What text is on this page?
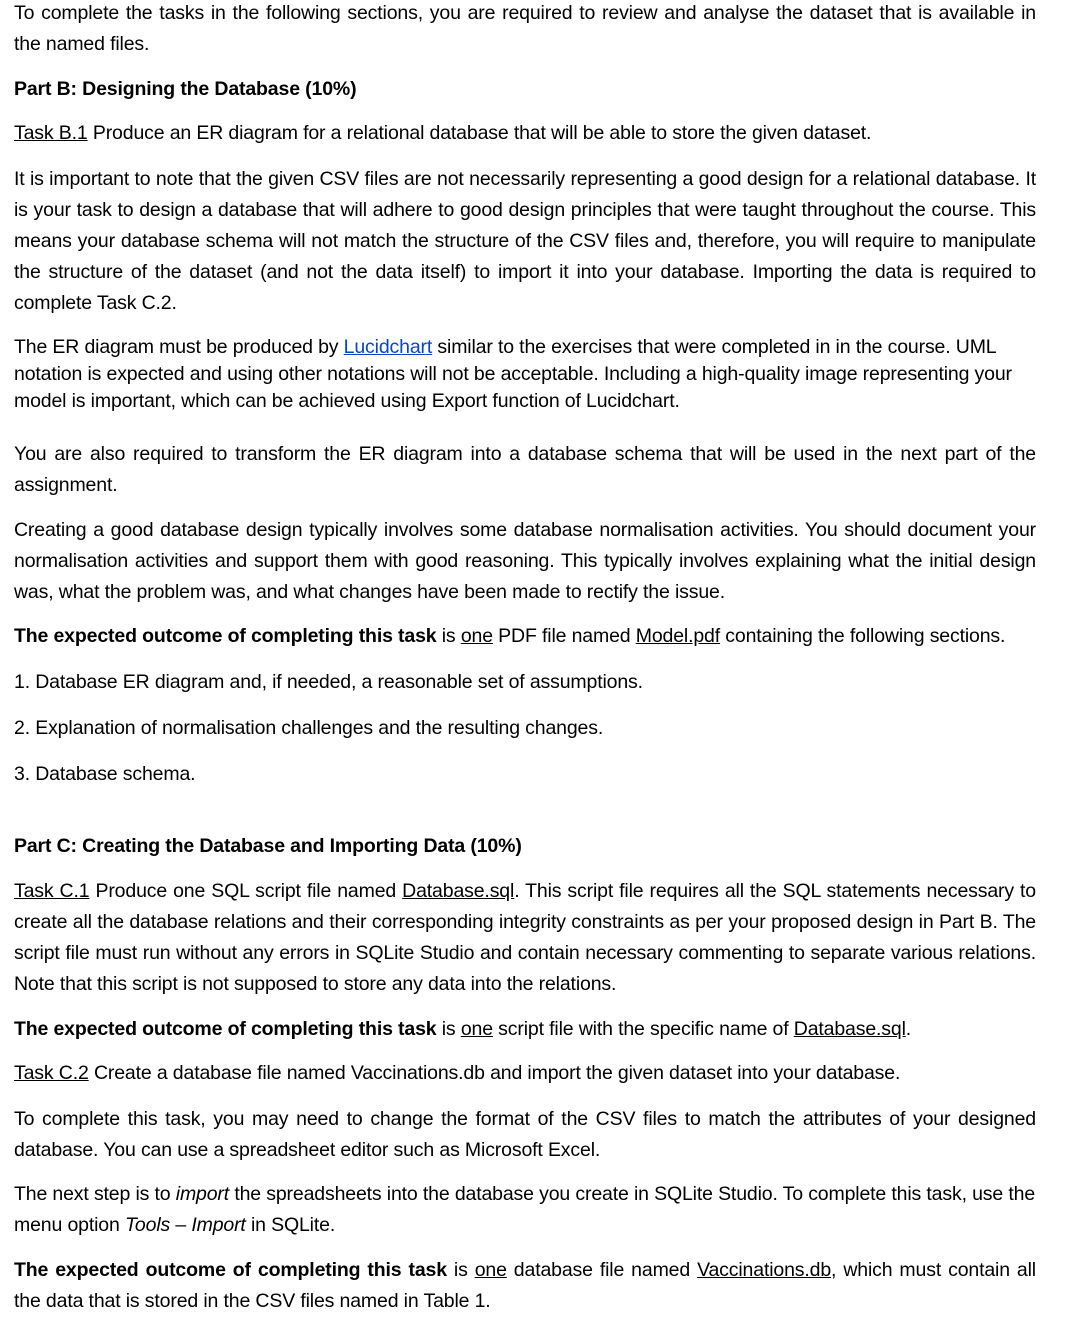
To complete the tasks in the following sections, you are required to review and analyse the dataset that is available in the named files.

Part B: Designing the Database (10%)

Task B.1 Produce an ER diagram for a relational database that will be able to store the given dataset.

It is important to note that the given CSV files are not necessarily representing a good design for a relational database. It is your task to design a database that will adhere to good design principles that were taught throughout the course. This means your database schema will not match the structure of the CSV files and, therefore, you will require to manipulate the structure of the dataset (and not the data itself) to import it into your database. Importing the data is required to complete Task C.2.

The ER diagram must be produced by Lucidchart similar to the exercises that were completed in in the course. UML notation is expected and using other notations will not be acceptable. Including a high-quality image representing your model is important, which can be achieved using Export function of Lucidchart.

You are also required to transform the ER diagram into a database schema that will be used in the next part of the assignment.

Creating a good database design typically involves some database normalisation activities. You should document your normalisation activities and support them with good reasoning. This typically involves explaining what the initial design was, what the problem was, and what changes have been made to rectify the issue.

The expected outcome of completing this task is one PDF file named Model.pdf containing the following sections.

1. Database ER diagram and, if needed, a reasonable set of assumptions.

2. Explanation of normalisation challenges and the resulting changes.

3. Database schema.

Part C: Creating the Database and Importing Data (10%)

Task C.1 Produce one SQL script file named Database.sql. This script file requires all the SQL statements necessary to create all the database relations and their corresponding integrity constraints as per your proposed design in Part B. The script file must run without any errors in SQLite Studio and contain necessary commenting to separate various relations. Note that this script is not supposed to store any data into the relations.

The expected outcome of completing this task is one script file with the specific name of Database.sql.

Task C.2 Create a database file named Vaccinations.db and import the given dataset into your database.

To complete this task, you may need to change the format of the CSV files to match the attributes of your designed database. You can use a spreadsheet editor such as Microsoft Excel.

The next step is to import the spreadsheets into the database you create in SQLite Studio. To complete this task, use the menu option Tools – Import in SQLite.

The expected outcome of completing this task is one database file named Vaccinations.db, which must contain all the data that is stored in the CSV files named in Table 1.
